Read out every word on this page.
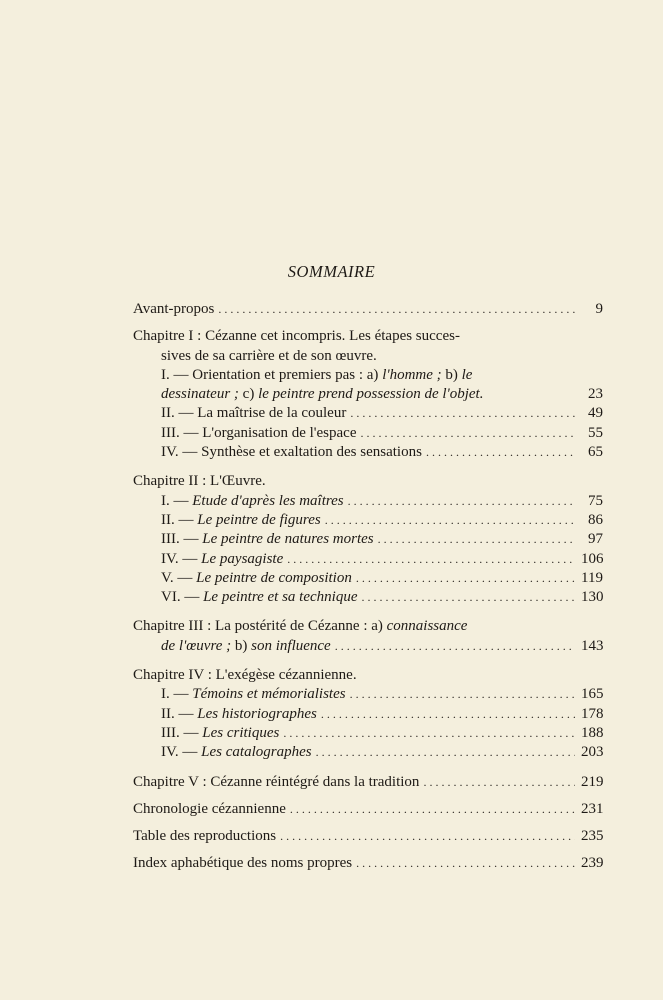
SOMMAIRE
Avant-propos . . .	9
Chapitre I : Cézanne cet incompris. Les étapes succes-
sives de sa carrière et de son œuvre.
I. — Orientation et premiers pas : a) l'homme ; b) le
dessinateur ; c) le peintre prend possession de l'objet.	23
II. — La maîtrise de la couleur . . .	49
III. — L'organisation de l'espace . . .	55
IV. — Synthèse et exaltation des sensations . . .	65
Chapitre II : L'Œuvre.
I. — Etude d'après les maîtres . . .	75
II. — Le peintre de figures . . .	86
III. — Le peintre de natures mortes . . .	97
IV. — Le paysagiste . . .	106
V. — Le peintre de composition . . .	119
VI. — Le peintre et sa technique . . .	130
Chapitre III : La postérité de Cézanne : a) connaissance
de l'œuvre ; b) son influence . . .	143
Chapitre IV : L'exégèse cézannienne.
I. — Témoins et mémorialistes . . .	165
II. — Les historiographes . . .	178
III. — Les critiques . . .	188
IV. — Les catalographes . . .	203
Chapitre V : Cézanne réintégré dans la tradition . . .	219
Chronologie cézannienne . . .	231
Table des reproductions . . .	235
Index aphabétique des noms propres . . .	239
